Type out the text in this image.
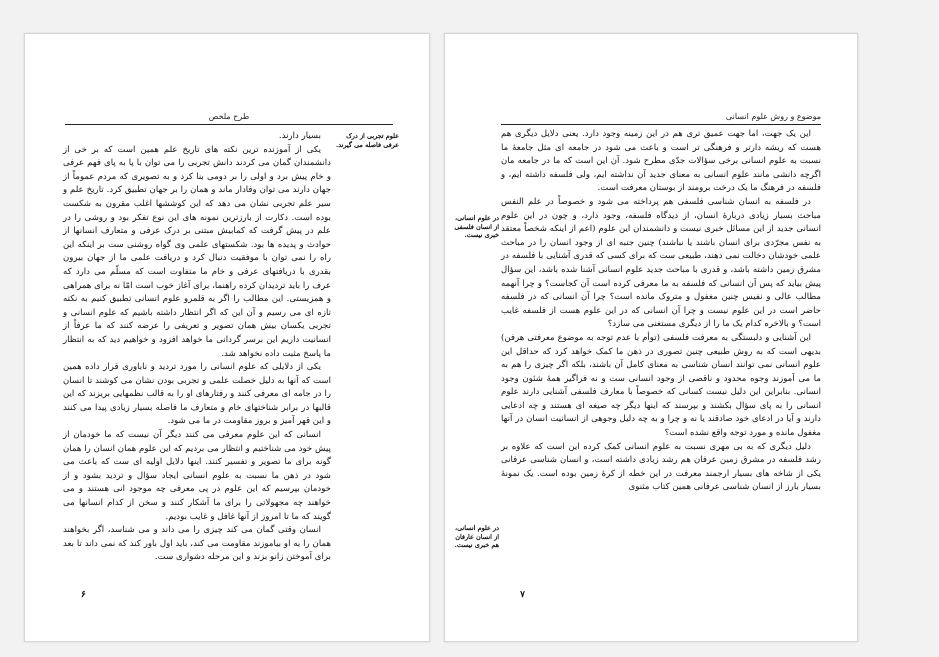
طرح ملخص
علوم تجربی از درک عرفی فاصله می گیرند.

بسیار دارند.

یکی از آموزنده ترین نکته های تاریخ علم همین است که بر خی از دانشمندان گمان می کردند دانش تجربی را می توان با پا به پای فهم عرفی و خام پیش برد و اولی را بر دومی بنا کرد و به تصویری که مردم عموماً از جهان دارند می توان وفادار ماند و همان را بر جهان تطبیق کرد. تاریخ علم و سیر علم تجربی نشان می دهد که این کوششها اغلب مقرون به شکست بوده است. دکارت از بارزترین نمونه های این نوع تفکر بود و روشی را در علم در پیش گرفت که کمابیش مبتنی بر درک عرفی و متعارف انسانها از حوادث و پدیده ها بود. شکستهای علمی وی گواه روشنی ست بر اینکه این راه را نمی توان با موفقیت دنبال کرد و دریافت علمی ما از جهان بیرون بقدری با دریافتهای عرفی و خام ما متفاوت است که مسلّم می دارد که عرف را باید تردیدان کرده راهنما، برای آغاز خوب است امّا نه برای همراهی و همزیستی. این مطالب را اگر به قلمرو علوم انسانی تطبیق کنیم به نکته تازه ای می رسیم و آن این که اگر انتظار داشته باشیم که علوم انسانی و تجربی یکسان بیش همان تصویر و تعریفی را عرضه کنند که ما عرفاً از انسانیت داریم این برسر گردانی ما خواهد افزود و خواهیم دید که به انتظار ما پاسخ مثبت داده نخواهد شد.

یکی از دلایلی که علوم انسانی را مورد تردید و ناباوری قرار داده همین است که آنها به دلیل خصلت علمی و تجربی بودن نشان می کوشند تا انسان را در جامه ای معرفی کنند و رفتارهای او را به قالب نظمهایی بریزند که این قالبها در برابر شناختهای خام و متعارف ما فاصله بسیار زیادی پیدا می کنند و این قهر آمیز و بروز مقاومت در ما می شود.

انسانی که این علوم معرفی می کنند دیگر آن نیست که ما خودمان از پیش خود می شناختیم و انتظار می بردیم که این علوم همان انسان را همان گونه برای ما تصویر و تفسیر کنند. اینها دلایل اولیه ای ست که باعث می شود در ذهن ما نسبت به علوم انسانی ایجاد سؤال و تردید بشود و از خودمان بپرسیم که این علوم در پی معرفی چه موجود انی هستند و می خواهند چه مجهولاتی را برای ما آشکار کنند و سخن از کدام انسانها می گویند که ما تا امروز از آنها غافل و غایب بودیم.

انسان وقتی گمان می کند چیزی را می داند و می شناسد، اگر بخواهند همان را به او بیاموزند مقاومت می کند، باید اول باور کند که نمی داند تا بعد برای آموختن زانو بزند و این مرحله دشواری ست.

۶
موضوع و روش علوم انسانی
در علوم انسانی، از انسان فلسفی خبری نیست.
در علوم انسانی، از انسان عارفان هم خبری نیست.

این یک جهت، اما جهت عمیق تری هم در این زمینه وجود دارد. یعنی دلایل دیگری هم هست که ریشه دارتر و فرهنگی تر است و باعث می شود در جامعه ای مثل جامعهٔ ما نسبت به علوم انسانی برخی سؤالات جدّی مطرح شود. آن این است که ما در جامعه مان اگرچه دانشی مانند علوم انسانی به معنای جدید آن نداشته ایم، ولی فلسفه داشته ایم، و فلسفه در فرهنگ ما یک درخت برومند از بوستان معرفت است.

در فلسفه به انسان شناسی فلسفی هم پرداخته می شود و خصوصاً در علم النفس مباحث بسیار زیادی دربارهٔ انسان، از دیدگاه فلسفه، وجود دارد، و چون در این علوم انسانی جدید از این مسائل خبری نیست و دانشمندان این علوم (اعم از اینکه شخصاً معتقد به نفس مجرّدی برای انسان باشند یا نباشند) چنین جنبه ای از وجود انسان را در مباحث علمی خودشان دخالت نمی دهند، طبیعی ست که برای کسی که قدری آشنایی با فلسفه در مشرق زمین داشته باشد، و قدری با مباحث جدید علوم انسانی آشنا شده باشد، این سؤال پیش بیاید که پس آن انسانی که فلسفه به ما معرفی کرده است آن کجاست؟ و چرا آنهمه مطالب عالی و نفیس چنین مغفول و متروک مانده است؟ چرا آن انسانی که در فلسفه حاضر است در این علوم نیست و چرا آن انسانی که در این علوم هست از فلسفه غایب است؟ و بالاخره کدام یک ما را از دیگری مستغنی می سازد؟

این آشنایی و دلبستگی به معرفت فلسفی (توأم با عدم توجه به موضوع معرفتی هرفن) بدیهی است که به روش طبیعی چنین تصوری در ذهن ما کمک خواهد کرد که حداقل این علوم انسانی نمی توانند انسان شناسی به معنای کامل آن باشند، بلکه اگر چیزی را هم به ما می آموزند وجوه محدود و ناقصی از وجود انسانی ست و نه فراگیر همهٔ شئون وجود انسانی. بنابراین این دلیل نیست کسانی که خصوصاً با معارف فلسفی آشنایی دارند علوم انسانی را به پای سؤال بکشند و بپرسند که اینها دیگر چه صیغه ای هستند و چه ادعایی دارند و آیا در ادعای خود صادقند یا نه و چرا و به چه دلیل وجوهی از انسانیت انسان در آنها مغفول مانده و مورد توجه واقع نشده است؟

دلیل دیگری که به بی مهری نسبت به علوم انسانی کمک کرده این است که علاوه بر رشد فلسفه در مشرق زمین عرفان هم رشد زیادی داشته است، و انسان شناسی عرفانی یکی از شاخه های بسیار ارجمند معرفت در این خطه از کرهٔ زمین بوده است. یک نمونهٔ بسیار بارز از انسان شناسی عرفانی همین کتاب مثنوی

۷
